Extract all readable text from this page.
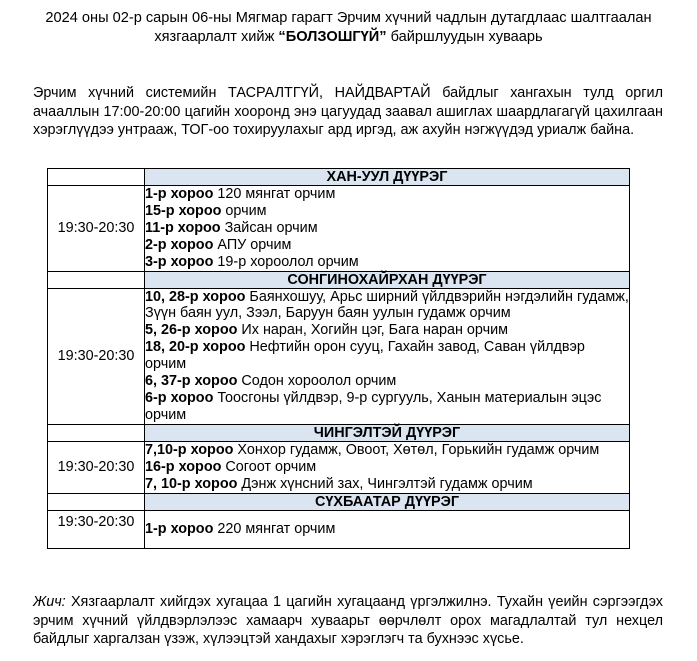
2024 оны 02-р сарын 06-ны Мягмар гарагт Эрчим хүчний чадлын дутагдлаас шалтгаалан
хязгаарлалт хийж “БОЛЗОШГҮЙ” байршлуудын хуваарь
Эрчим хүчний системийн ТАСРАЛТГҮЙ, НАЙДВАРТАЙ байдлыг хангахын тулд оргил ачааллын 17:00-20:00 цагийн хооронд энэ цагуудад заавал ашиглах шаардлагагүй цахилгаан хэрэглүүдээ унтрааж, ТОГ-оо тохируулахыг ард иргэд, аж ахуйн нэгжүүдэд уриалж байна.
	ХАН-УУЛ ДҮҮРЭГ
19:30-20:30	1-р хороо 120 мянгат орчим
15-р хороо орчим
11-р хороо Зайсан орчим
2-р хороо АПУ орчим
3-р хороо 19-р хороолол орчим

	СОНГИНОХАЙРХАН ДҮҮРЭГ
19:30-20:30	10, 28-р хороо Баянхошуу, Арьс ширний үйлдвэрийн нэгдэлийн гудамж, Зүүн баян уул, Зээл, Баруун баян уулын гудамж орчим
5, 26-р хороо Их наран, Хогийн цэг, Бага наран орчим
18, 20-р хороо Нефтийн орон сууц, Гахайн завод, Саван үйлдвэр орчим
6, 37-р хороо Содон хороолол орчим
6-р хороо Тоосгоны үйлдвэр, 9-р сургууль, Ханын материалын эцэс орчим

	ЧИНГЭЛТЭЙ ДҮҮРЭГ
19:30-20:30	7,10-р хороо Хонхор гудамж, Овоот, Хөтөл, Горькийн гудамж орчим
16-р хороо Согоот орчим
7, 10-р хороо Дэнж хүнсний зах, Чингэлтэй гудамж орчим

	СҮХБААТАР ДҮҮРЭГ
19:30-20:30	1-р хороо 220 мянгат орчим
Жич: Хязгаарлалт хийгдэх хугацаа 1 цагийн хугацаанд үргэлжилнэ. Тухайн үеийн сэргээгдэх эрчим хүчний үйлдвэрлэлээс хамаарч хуваарьт өөрчлөлт орох магадлалтай тул нехцел байдлыг харгалзан үзэж, хүлээцтэй хандахыг хэрэглэгч та бухнээс хүсье.
